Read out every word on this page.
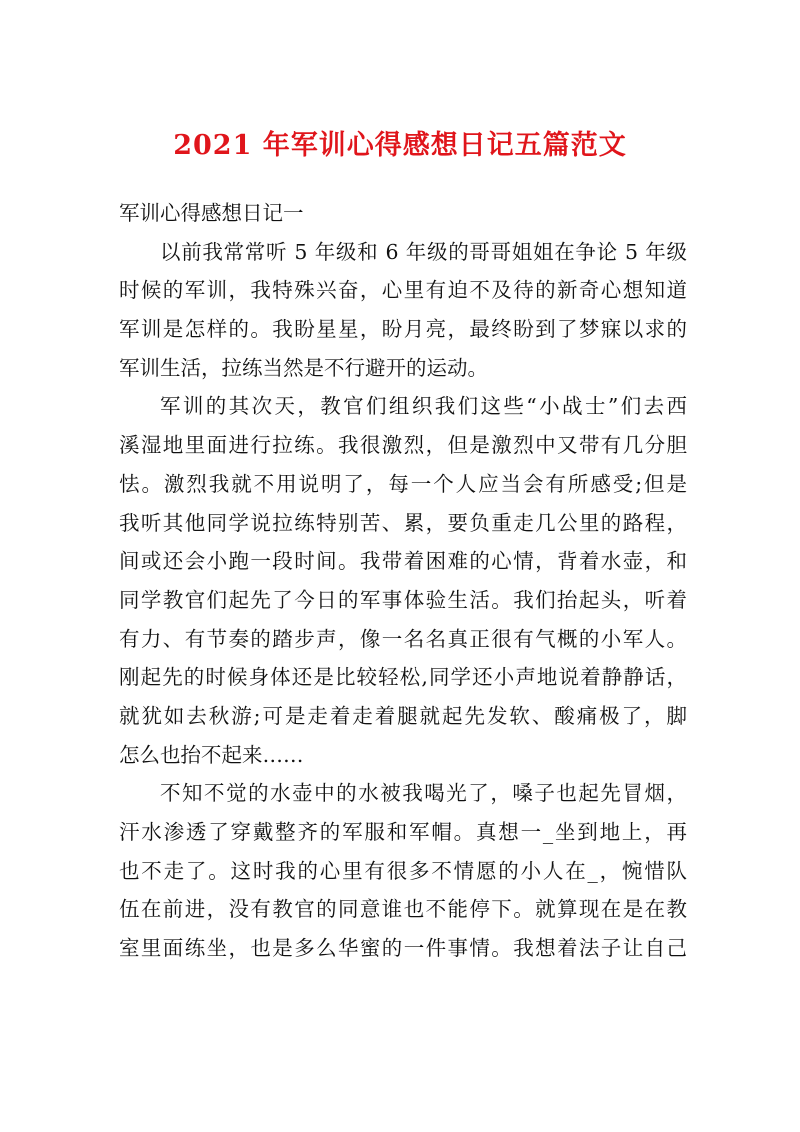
2021 年军训心得感想日记五篇范文

军训心得感想日记一

以前我常常听 5 年级和 6 年级的哥哥姐姐在争论 5 年级

时候的军训，我特殊兴奋，心里有迫不及待的新奇心想知道

军训是怎样的。我盼星星，盼月亮，最终盼到了梦寐以求的

军训生活，拉练当然是不行避开的运动。

军训的其次天，教官们组织我们这些“小战士”们去西

溪湿地里面进行拉练。我很激烈，但是激烈中又带有几分胆

怯。激烈我就不用说明了，每一个人应当会有所感受;但是

我听其他同学说拉练特别苦、累，要负重走几公里的路程，

间或还会小跑一段时间。我带着困难的心情，背着水壶，和

同学教官们起先了今日的军事体验生活。我们抬起头，听着

有力、有节奏的踏步声，像一名名真正很有气概的小军人。

刚起先的时候身体还是比较轻松,同学还小声地说着静静话，

就犹如去秋游;可是走着走着腿就起先发软、酸痛极了，脚

怎么也抬不起来……

不知不觉的水壶中的水被我喝光了，嗓子也起先冒烟，

汗水渗透了穿戴整齐的军服和军帽。真想一_坐到地上，再

也不走了。这时我的心里有很多不情愿的小人在_，惋惜队

伍在前进，没有教官的同意谁也不能停下。就算现在是在教

室里面练坐，也是多么华蜜的一件事情。我想着法子让自己
